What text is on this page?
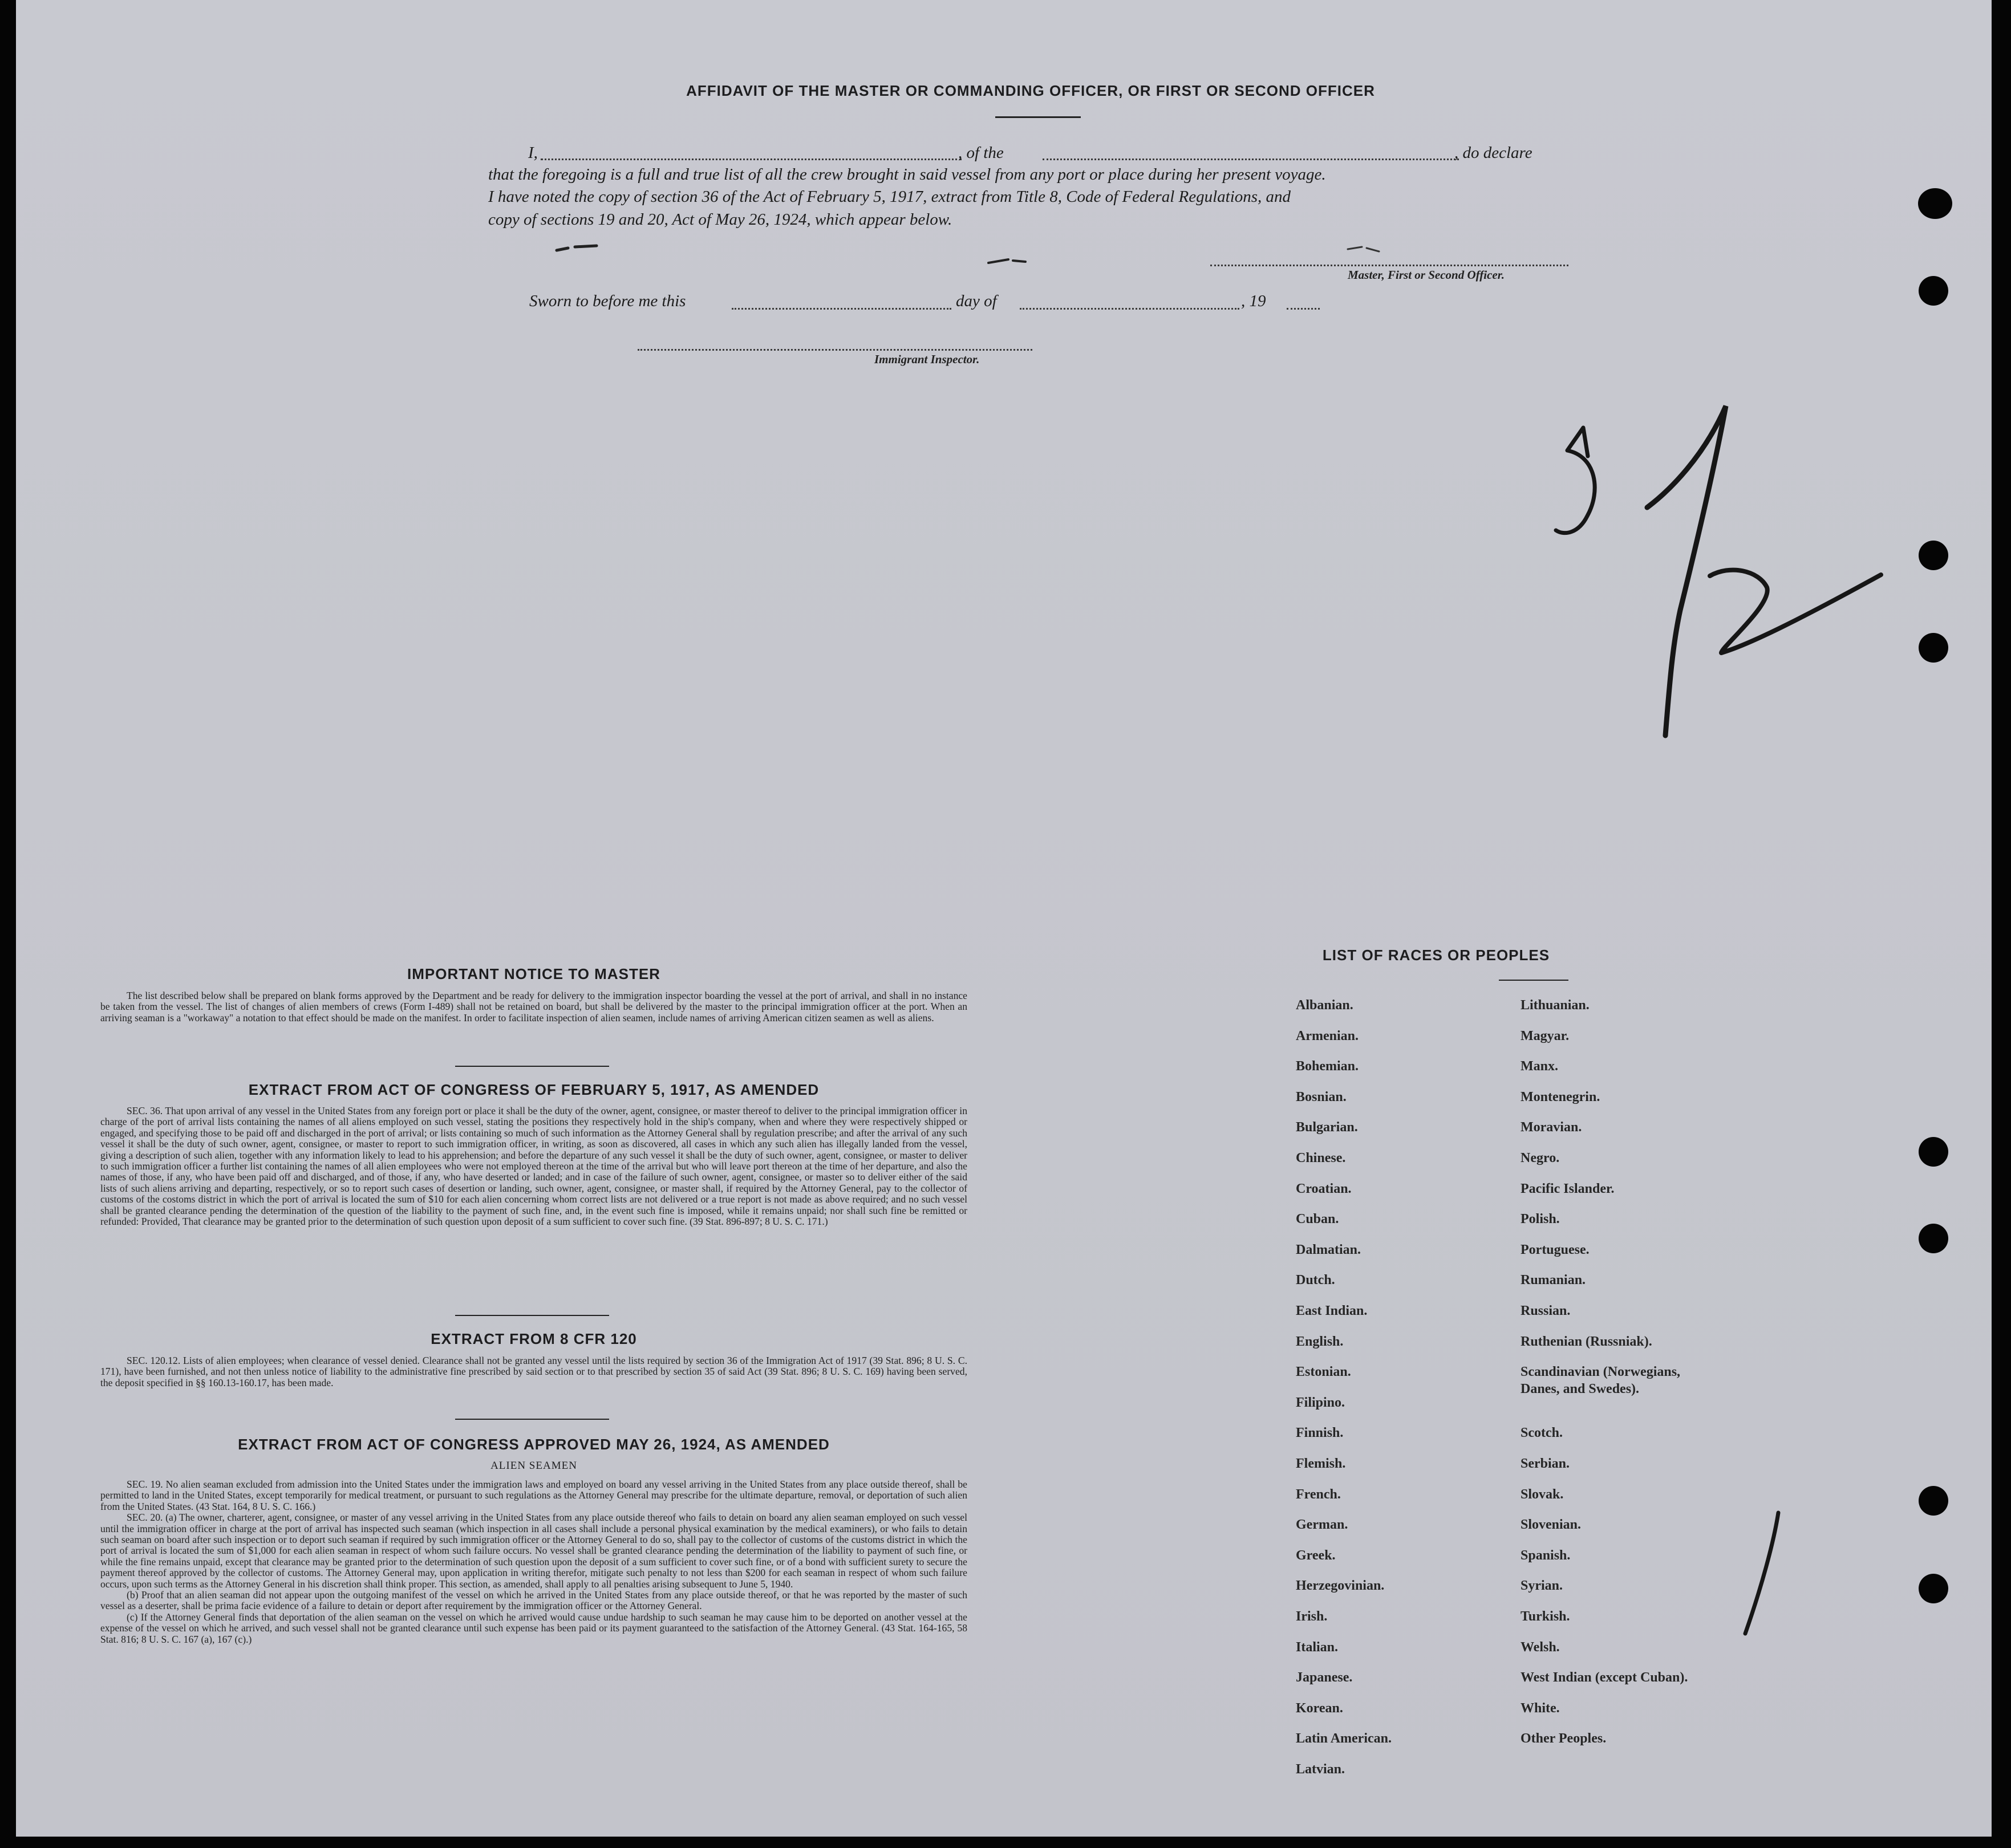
AFFIDAVIT OF THE MASTER OR COMMANDING OFFICER, OR FIRST OR SECOND OFFICER
I,	, of the	, do declare
that the foregoing is a full and true list of all the crew brought in said vessel from any port or place during her present voyage.
I have noted the copy of section 36 of the Act of February 5, 1917, extract from Title 8, Code of Federal Regulations, and
copy of sections 19 and 20, Act of May 26, 1924, which appear below.
Master, First or Second Officer.
Sworn to before me this	day of	, 19
Immigrant Inspector.
IMPORTANT NOTICE TO MASTER

The list described below shall be prepared on blank forms approved by the Department and be ready for delivery to the immigration inspector boarding the vessel at the port of arrival, and shall in no instance be taken from the vessel. The list of changes of alien members of crews (Form I-489) shall not be retained on board, but shall be delivered by the master to the principal immigration officer at the port. When an arriving seaman is a "workaway" a notation to that effect should be made on the manifest. In order to facilitate inspection of alien seamen, include names of arriving American citizen seamen as well as aliens.

EXTRACT FROM ACT OF CONGRESS OF FEBRUARY 5, 1917, AS AMENDED

SEC. 36. That upon arrival of any vessel in the United States from any foreign port or place it shall be the duty of the owner, agent, consignee, or master thereof to deliver to the principal immigration officer in charge of the port of arrival lists containing the names of all aliens employed on such vessel, stating the positions they respectively hold in the ship's company, when and where they were respectively shipped or engaged, and specifying those to be paid off and discharged in the port of arrival; or lists containing so much of such information as the Attorney General shall by regulation prescribe; and after the arrival of any such vessel it shall be the duty of such owner, agent, consignee, or master to report to such immigration officer, in writing, as soon as discovered, all cases in which any such alien has illegally landed from the vessel, giving a description of such alien, together with any information likely to lead to his apprehension; and before the departure of any such vessel it shall be the duty of such owner, agent, consignee, or master to deliver to such immigration officer a further list containing the names of all alien employees who were not employed thereon at the time of the arrival but who will leave port thereon at the time of her departure, and also the names of those, if any, who have been paid off and discharged, and of those, if any, who have deserted or landed; and in case of the failure of such owner, agent, consignee, or master so to deliver either of the said lists of such aliens arriving and departing, respectively, or so to report such cases of desertion or landing, such owner, agent, consignee, or master shall, if required by the Attorney General, pay to the collector of customs of the costoms district in which the port of arrival is located the sum of $10 for each alien concerning whom correct lists are not delivered or a true report is not made as above required; and no such vessel shall be granted clearance pending the determination of the question of the liability to the payment of such fine, and, in the event such fine is imposed, while it remains unpaid; nor shall such fine be remitted or refunded: Provided, That clearance may be granted prior to the determination of such question upon deposit of a sum sufficient to cover such fine. (39 Stat. 896-897; 8 U. S. C. 171.)

EXTRACT FROM 8 CFR 120

SEC. 120.12. Lists of alien employees; when clearance of vessel denied. Clearance shall not be granted any vessel until the lists required by section 36 of the Immigration Act of 1917 (39 Stat. 896; 8 U. S. C. 171), have been furnished, and not then unless notice of liability to the administrative fine prescribed by said section or to that prescribed by section 35 of said Act (39 Stat. 896; 8 U. S. C. 169) having been served, the deposit specified in §§ 160.13-160.17, has been made.

EXTRACT FROM ACT OF CONGRESS APPROVED MAY 26, 1924, AS AMENDED
ALIEN SEAMEN

SEC. 19. No alien seaman excluded from admission into the United States under the immigration laws and employed on board any vessel arriving in the United States from any place outside thereof, shall be permitted to land in the United States, except temporarily for medical treatment, or pursuant to such regulations as the Attorney General may prescribe for the ultimate departure, removal, or deportation of such alien from the United States. (43 Stat. 164, 8 U. S. C. 166.)

SEC. 20. (a) The owner, charterer, agent, consignee, or master of any vessel arriving in the United States from any place outside thereof who fails to detain on board any alien seaman employed on such vessel until the immigration officer in charge at the port of arrival has inspected such seaman (which inspection in all cases shall include a personal physical examination by the medical examiners), or who fails to detain such seaman on board after such inspection or to deport such seaman if required by such immigration officer or the Attorney General to do so, shall pay to the collector of customs of the customs district in which the port of arrival is located the sum of $1,000 for each alien seaman in respect of whom such failure occurs. No vessel shall be granted clearance pending the determination of the liability to payment of such fine, or while the fine remains unpaid, except that clearance may be granted prior to the determination of such question upon the deposit of a sum sufficient to cover such fine, or of a bond with sufficient surety to secure the payment thereof approved by the collector of customs. The Attorney General may, upon application in writing therefor, mitigate such penalty to not less than $200 for each seaman in respect of whom such failure occurs, upon such terms as the Attorney General in his discretion shall think proper. This section, as amended, shall apply to all penalties arising subsequent to June 5, 1940.

(b) Proof that an alien seaman did not appear upon the outgoing manifest of the vessel on which he arrived in the United States from any place outside thereof, or that he was reported by the master of such vessel as a deserter, shall be prima facie evidence of a failure to detain or deport after requirement by the immigration officer or the Attorney General.

(c) If the Attorney General finds that deportation of the alien seaman on the vessel on which he arrived would cause undue hardship to such seaman he may cause him to be deported on another vessel at the expense of the vessel on which he arrived, and such vessel shall not be granted clearance until such expense has been paid or its payment guaranteed to the satisfaction of the Attorney General. (43 Stat. 164-165, 58 Stat. 816; 8 U. S. C. 167 (a), 167 (c).)

LIST OF RACES OR PEOPLES
Albanian.
Armenian.
Bohemian.
Bosnian.
Bulgarian.
Chinese.
Croatian.
Cuban.
Dalmatian.
Dutch.
East Indian.
English.
Estonian.
Filipino.
Finnish.
Flemish.
French.
German.
Greek.
Herzegovinian.
Irish.
Italian.
Japanese.
Korean.
Latin American.
Latvian.
Lithuanian.
Magyar.
Manx.
Montenegrin.
Moravian.
Negro.
Pacific Islander.
Polish.
Portuguese.
Rumanian.
Russian.
Ruthenian (Russniak).
Scandinavian (Norwegians,
Danes, and Swedes).
Scotch.
Serbian.
Slovak.
Slovenian.
Spanish.
Syrian.
Turkish.
Welsh.
West Indian (except Cuban).
White.
Other Peoples.
